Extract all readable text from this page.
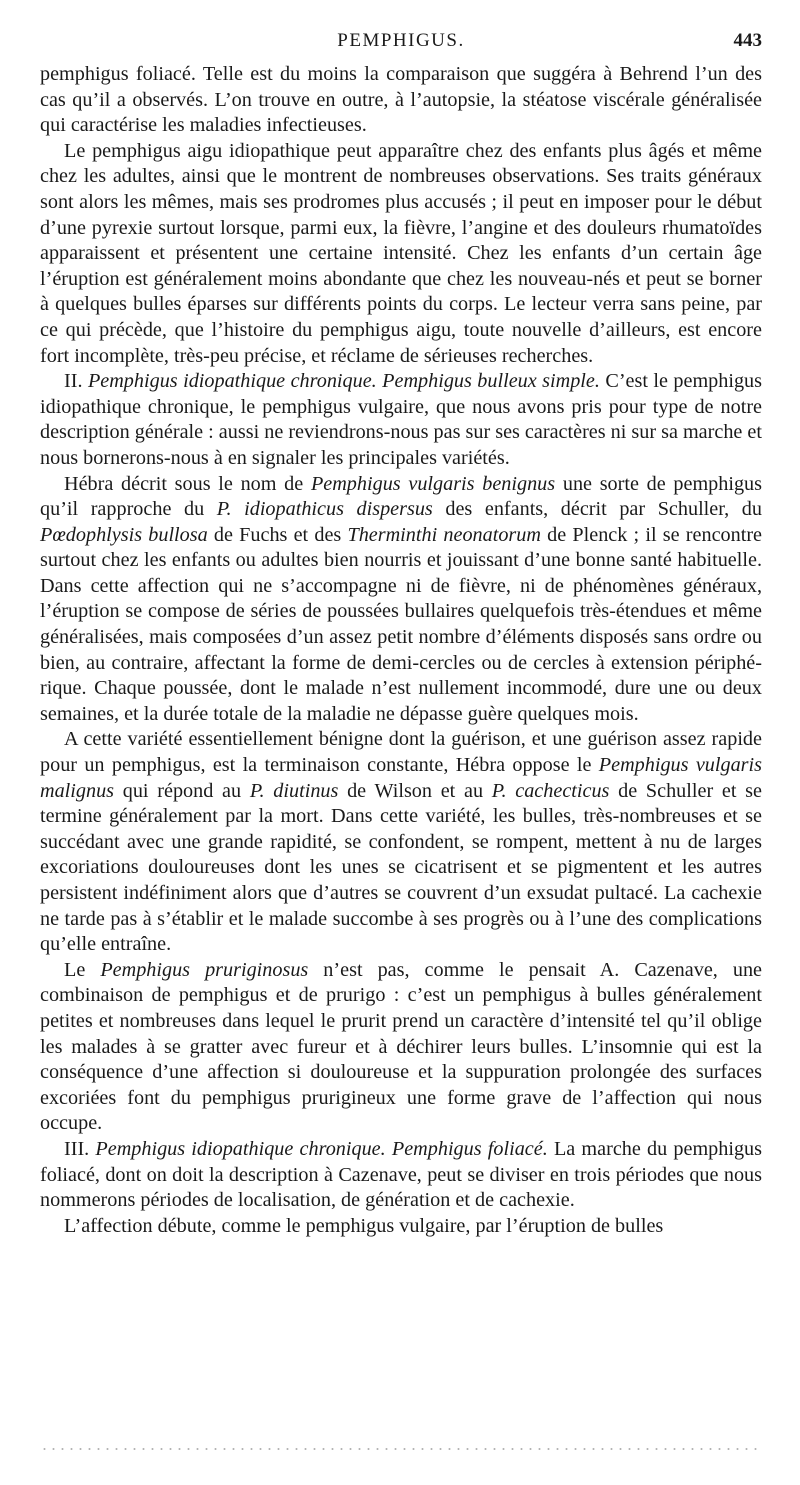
PEMPHIGUS.	443

pemphigus foliacé. Telle est du moins la comparaison que suggéra à Behrend l’un des cas qu’il a observés. L’on trouve en outre, à l’autopsie, la stéatose viscérale généralisée qui caractérise les maladies infectieuses.

Le pemphigus aigu idiopathique peut apparaître chez des enfants plus âgés et même chez les adultes, ainsi que le montrent de nombreuses observations. Ses traits généraux sont alors les mêmes, mais ses prodromes plus accusés ; il peut en imposer pour le début d’une pyrexie surtout lorsque, parmi eux, la fièvre, l’angine et des douleurs rhumatoïdes apparaissent et présentent une certaine intensité. Chez les enfants d’un certain âge l’éruption est généralement moins abondante que chez les nouveau-nés et peut se borner à quelques bulles éparses sur différents points du corps. Le lecteur verra sans peine, par ce qui précède, que l’histoire du pemphigus aigu, toute nouvelle d’ailleurs, est encore fort incomplète, très-peu précise, et réclame de sérieuses recherches.

II. Pemphigus idiopathique chronique. Pemphigus bulleux simple. C’est le pemphigus idiopathique chronique, le pemphigus vulgaire, que nous avons pris pour type de notre description générale : aussi ne reviendrons-nous pas sur ses caractères ni sur sa marche et nous bornerons-nous à en signaler les principales variétés.

Hébra décrit sous le nom de Pemphigus vulgaris benignus une sorte de pemphigus qu’il rapproche du P. idiopathicus dispersus des enfants, décrit par Schuller, du Pœdophlysis bullosa de Fuchs et des Therminthi neonatorum de Plenck ; il se rencontre surtout chez les enfants ou adultes bien nourris et jouissant d’une bonne santé habituelle. Dans cette affection qui ne s’accompagne ni de fièvre, ni de phénomènes généraux, l’éruption se compose de séries de poussées bullaires quelquefois très-étendues et même généralisées, mais composées d’un assez petit nombre d’éléments disposés sans ordre ou bien, au contraire, affectant la forme de demi-cercles ou de cercles à extension périphérique. Chaque poussée, dont le malade n’est nullement incommodé, dure une ou deux semaines, et la durée totale de la maladie ne dépasse guère quelques mois.

A cette variété essentiellement bénigne dont la guérison, et une guérison assez rapide pour un pemphigus, est la terminaison constante, Hébra oppose le Pemphigus vulgaris malignus qui répond au P. diutinus de Wilson et au P. cachecticus de Schuller et se termine généralement par la mort. Dans cette variété, les bulles, très-nombreuses et se succédant avec une grande rapidité, se confondent, se rompent, mettent à nu de larges excoriations douloureuses dont les unes se cicatrisent et se pigmentent et les autres persistent indéfiniment alors que d’autres se couvrent d’un exsudat pultacé. La cachexie ne tarde pas à s’établir et le malade succombe à ses progrès ou à l’une des complications qu’elle entraîne.

Le Pemphigus pruriginosus n’est pas, comme le pensait A. Cazenave, une combinaison de pemphigus et de prurigo : c’est un pemphigus à bulles généralement petites et nombreuses dans lequel le prurit prend un caractère d’intensité tel qu’il oblige les malades à se gratter avec fureur et à déchirer leurs bulles. L’insomnie qui est la conséquence d’une affection si douloureuse et la suppuration prolongée des surfaces excoriées font du pemphigus prurigineux une forme grave de l’affection qui nous occupe.

III. Pemphigus idiopathique chronique. Pemphigus foliacé. La marche du pemphigus foliacé, dont on doit la description à Cazenave, peut se diviser en trois périodes que nous nommerons périodes de localisation, de génération et de cachexie.

L’affection débute, comme le pemphigus vulgaire, par l’éruption de bulles
